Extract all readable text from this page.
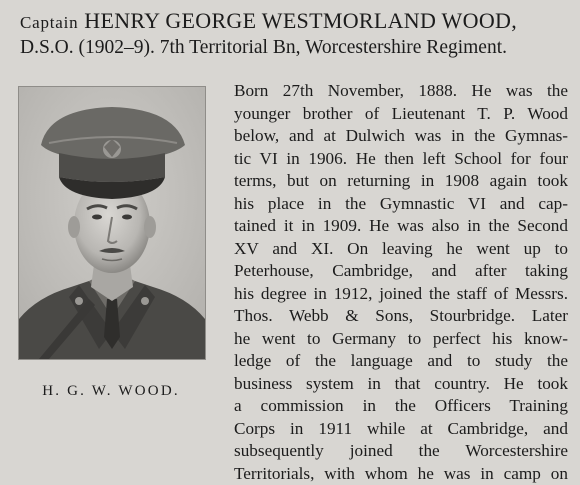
Captain HENRY GEORGE WESTMORLAND WOOD,
D.S.O. (1902–9). 7th Territorial Bn, Worcestershire Regiment.
H. G. W. WOOD.
Born 27th November, 1888. He was the
younger brother of Lieutenant T. P. Wood
below, and at Dulwich was in the Gymnas-
tic VI in 1906. He then left School for four
terms, but on returning in 1908 again took
his place in the Gymnastic VI and cap-
tained it in 1909. He was also in the Second
XV and XI. On leaving he went up to
Peterhouse, Cambridge, and after taking
his degree in 1912, joined the staff of Messrs.
Thos. Webb & Sons, Stourbridge. Later
he went to Germany to perfect his know-
ledge of the language and to study the
business system in that country. He took
a commission in the Officers Training
Corps in 1911 while at Cambridge, and
subsequently joined the Worcestershire
Territorials, with whom he was in camp on
